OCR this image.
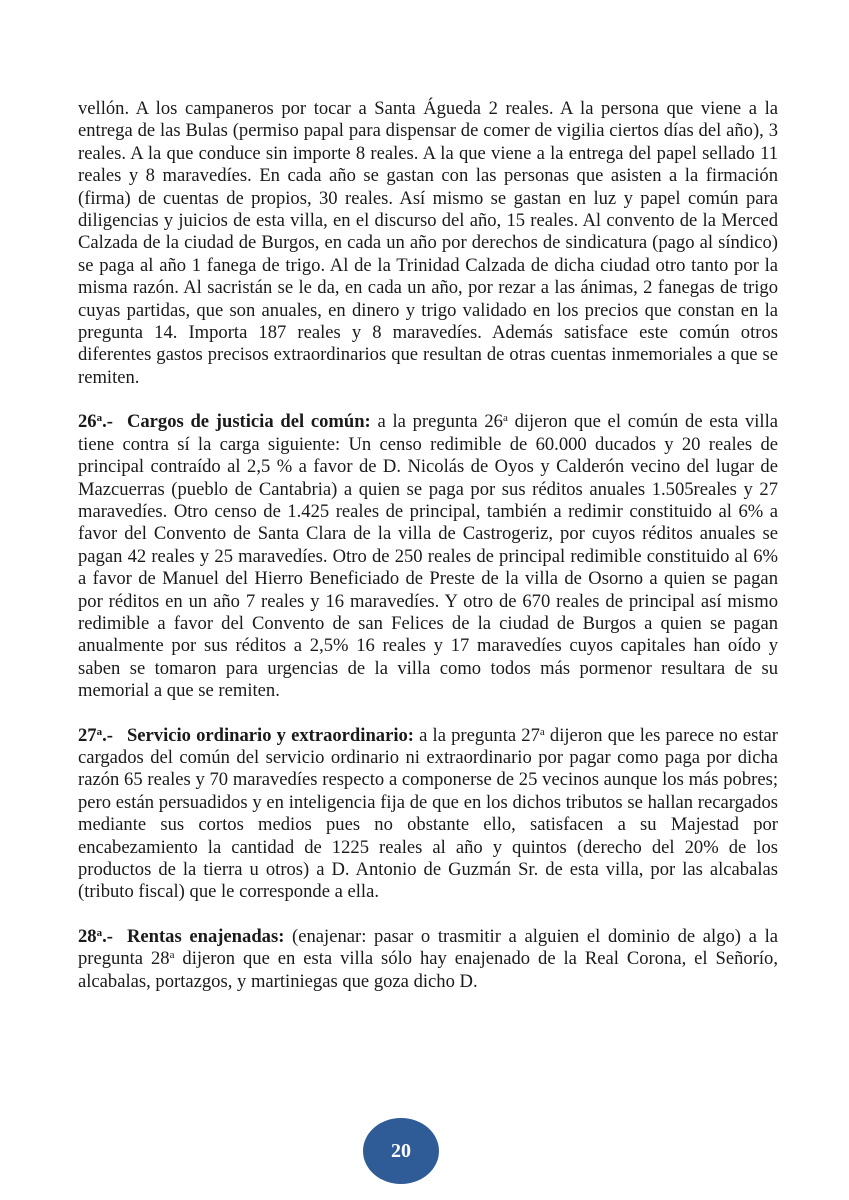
vellón. A los campaneros por tocar a Santa Águeda 2 reales. A la persona que viene a la entrega de las Bulas (permiso papal para dispensar de comer de vigilia ciertos días del año), 3 reales. A la que conduce sin importe 8 reales. A la que viene a la entrega del papel sellado 11 reales y 8 maravedíes. En cada año se gastan con las personas que asisten a la firmación (firma) de cuentas de propios, 30 reales. Así mismo se gastan en luz y papel común para diligencias y juicios de esta villa, en el discurso del año, 15 reales. Al convento de la Merced Calzada de la ciudad de Burgos, en cada un año por derechos de sindicatura (pago al síndico) se paga al año 1 fanega de trigo. Al de la Trinidad Calzada de dicha ciudad otro tanto por la misma razón. Al sacristán se le da, en cada un año, por rezar a las ánimas, 2 fanegas de trigo cuyas partidas, que son anuales, en dinero y trigo validado en los precios que constan en la pregunta 14. Importa 187 reales y 8 maravedíes. Además satisface este común otros diferentes gastos precisos extraordinarios que resultan de otras cuentas inmemoriales a que se remiten.

26$^a$.- Cargos de justicia del común: a la pregunta 26$^a$ dijeron que el común de esta villa tiene contra sí la carga siguiente: Un censo redimible de 60.000 ducados y 20 reales de principal contraído al 2,5 % a favor de D. Nicolás de Oyos y Calderón vecino del lugar de Mazcuerras (pueblo de Cantabria) a quien se paga por sus réditos anuales 1.505reales y 27 maravedíes. Otro censo de 1.425 reales de principal, también a redimir constituido al 6% a favor del Convento de Santa Clara de la villa de Castrogeriz, por cuyos réditos anuales se pagan 42 reales y 25 maravedíes. Otro de 250 reales de principal redimible constituido al 6% a favor de Manuel del Hierro Beneficiado de Preste de la villa de Osorno a quien se pagan por réditos en un año 7 reales y 16 maravedíes. Y otro de 670 reales de principal así mismo redimible a favor del Convento de san Felices de la ciudad de Burgos a quien se pagan anualmente por sus réditos a 2,5% 16 reales y 17 maravedíes cuyos capitales han oído y saben se tomaron para urgencias de la villa como todos más pormenor resultara de su memorial a que se remiten.

27$^a$.- Servicio ordinario y extraordinario: a la pregunta 27$^a$ dijeron que les parece no estar cargados del común del servicio ordinario ni extraordinario por pagar como paga por dicha razón 65 reales y 70 maravedíes respecto a componerse de 25 vecinos aunque los más pobres; pero están persuadidos y en inteligencia fija de que en los dichos tributos se hallan recargados mediante sus cortos medios pues no obstante ello, satisfacen a su Majestad por encabezamiento la cantidad de 1225 reales al año y quintos (derecho del 20% de los productos de la tierra u otros) a D. Antonio de Guzmán Sr. de esta villa, por las alcabalas (tributo fiscal) que le corresponde a ella.

28$^a$.- Rentas enajenadas: (enajenar: pasar o trasmitir a alguien el dominio de algo) a la pregunta 28$^a$ dijeron que en esta villa sólo hay enajenado de la Real Corona, el Señorío, alcabalas, portazgos, y martiniegas que goza dicho D.

20
